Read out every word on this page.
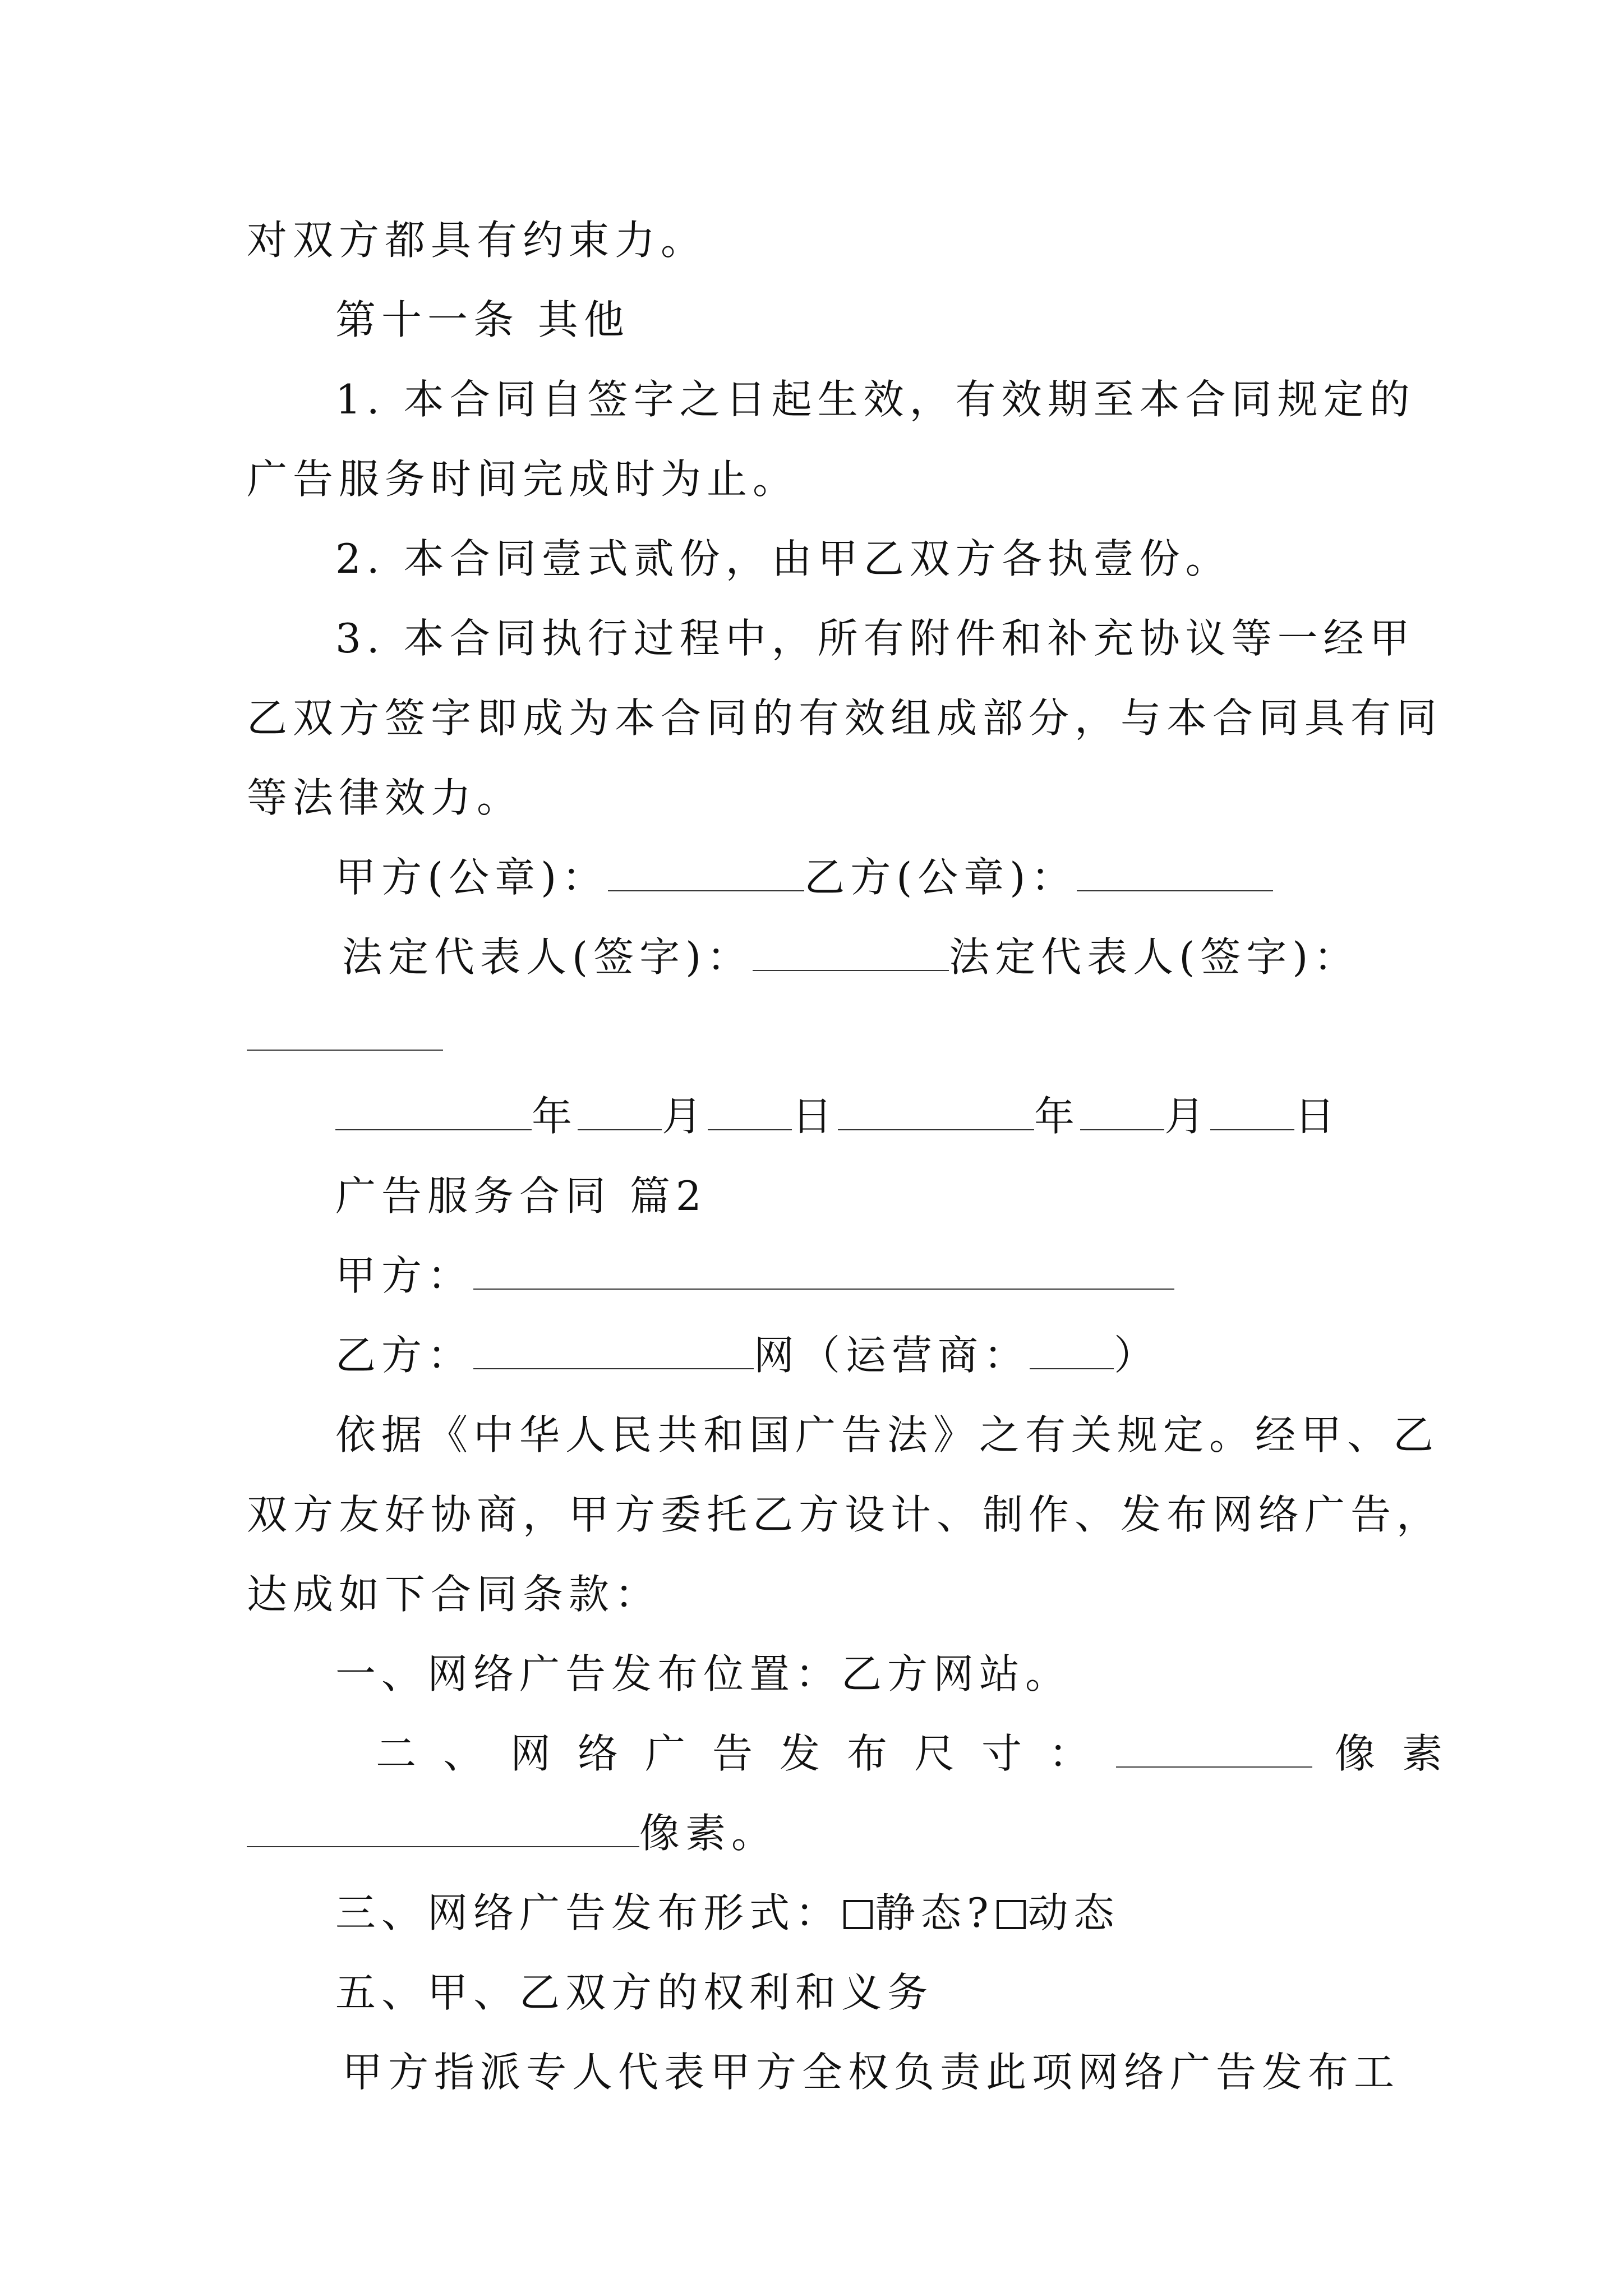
对双方都具有约束力。
第十一条 其他
1. 本合同自签字之日起生效，有效期至本合同规定的
广告服务时间完成时为止。
2. 本合同壹式贰份，由甲乙双方各执壹份。
3. 本合同执行过程中，所有附件和补充协议等一经甲
乙双方签字即成为本合同的有效组成部分，与本合同具有同
等法律效力。
甲方(公章)：	乙方(公章)：
法定代表人(签字)：	法定代表人(签字)：
年 月 日	年 月 日
广告服务合同 篇2
甲方：
乙方：	网（运营商： ）
依据《中华人民共和国广告法》之有关规定。经甲、乙
双方友好协商，甲方委托乙方设计、制作、发布网络广告，
达成如下合同条款：
一、网络广告发布位置：乙方网站。
二、网络广告发布尺寸：	像素
像素。
三、网络广告发布形式： 静态? 动态
五、甲、乙双方的权利和义务
甲方指派专人代表甲方全权负责此项网络广告发布工
